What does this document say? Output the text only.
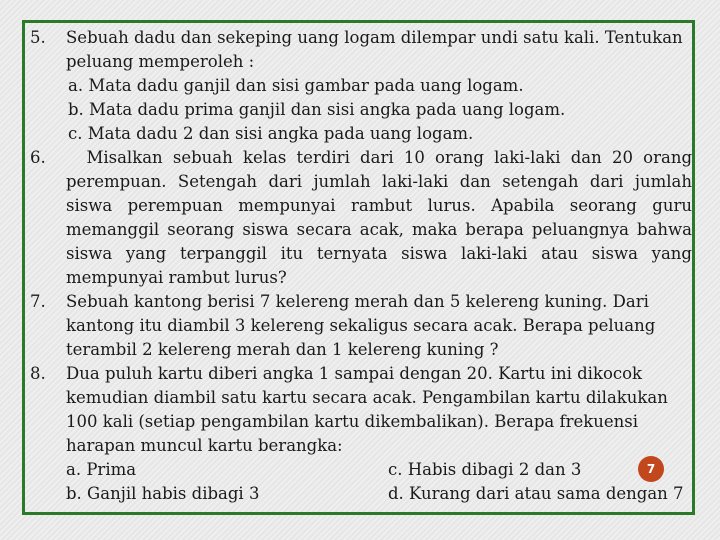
5.	Sebuah dadu dan sekeping uang logam dilempar undi satu kali. Tentukan
peluang memperoleh :
a. Mata dadu ganjil dan sisi gambar pada uang logam.
b. Mata dadu prima ganjil dan sisi angka pada uang logam.
c. Mata dadu 2 dan sisi angka pada uang logam.
6.	Misalkan sebuah kelas terdiri dari 10 orang laki-laki dan 20 orang perempuan. Setengah dari jumlah laki-laki dan setengah dari jumlah siswa perempuan mempunyai rambut lurus. Apabila seorang guru memanggil seorang siswa secara acak, maka berapa peluangnya bahwa siswa yang terpanggil itu ternyata siswa laki-laki atau siswa yang mempunyai rambut lurus?
7.	Sebuah kantong berisi 7 kelereng merah dan 5 kelereng kuning. Dari
kantong itu diambil 3 kelereng sekaligus secara acak. Berapa peluang
terambil 2 kelereng merah dan 1 kelereng kuning ?
8.	Dua puluh kartu diberi angka 1 sampai dengan 20. Kartu ini dikocok
kemudian diambil satu kartu secara acak. Pengambilan kartu dilakukan
100 kali (setiap pengambilan kartu dikembalikan). Berapa frekuensi
harapan muncul kartu berangka:
a. Prima	c. Habis dibagi 2 dan 3
b. Ganjil habis dibagi 3	d. Kurang dari atau sama dengan 7
7
